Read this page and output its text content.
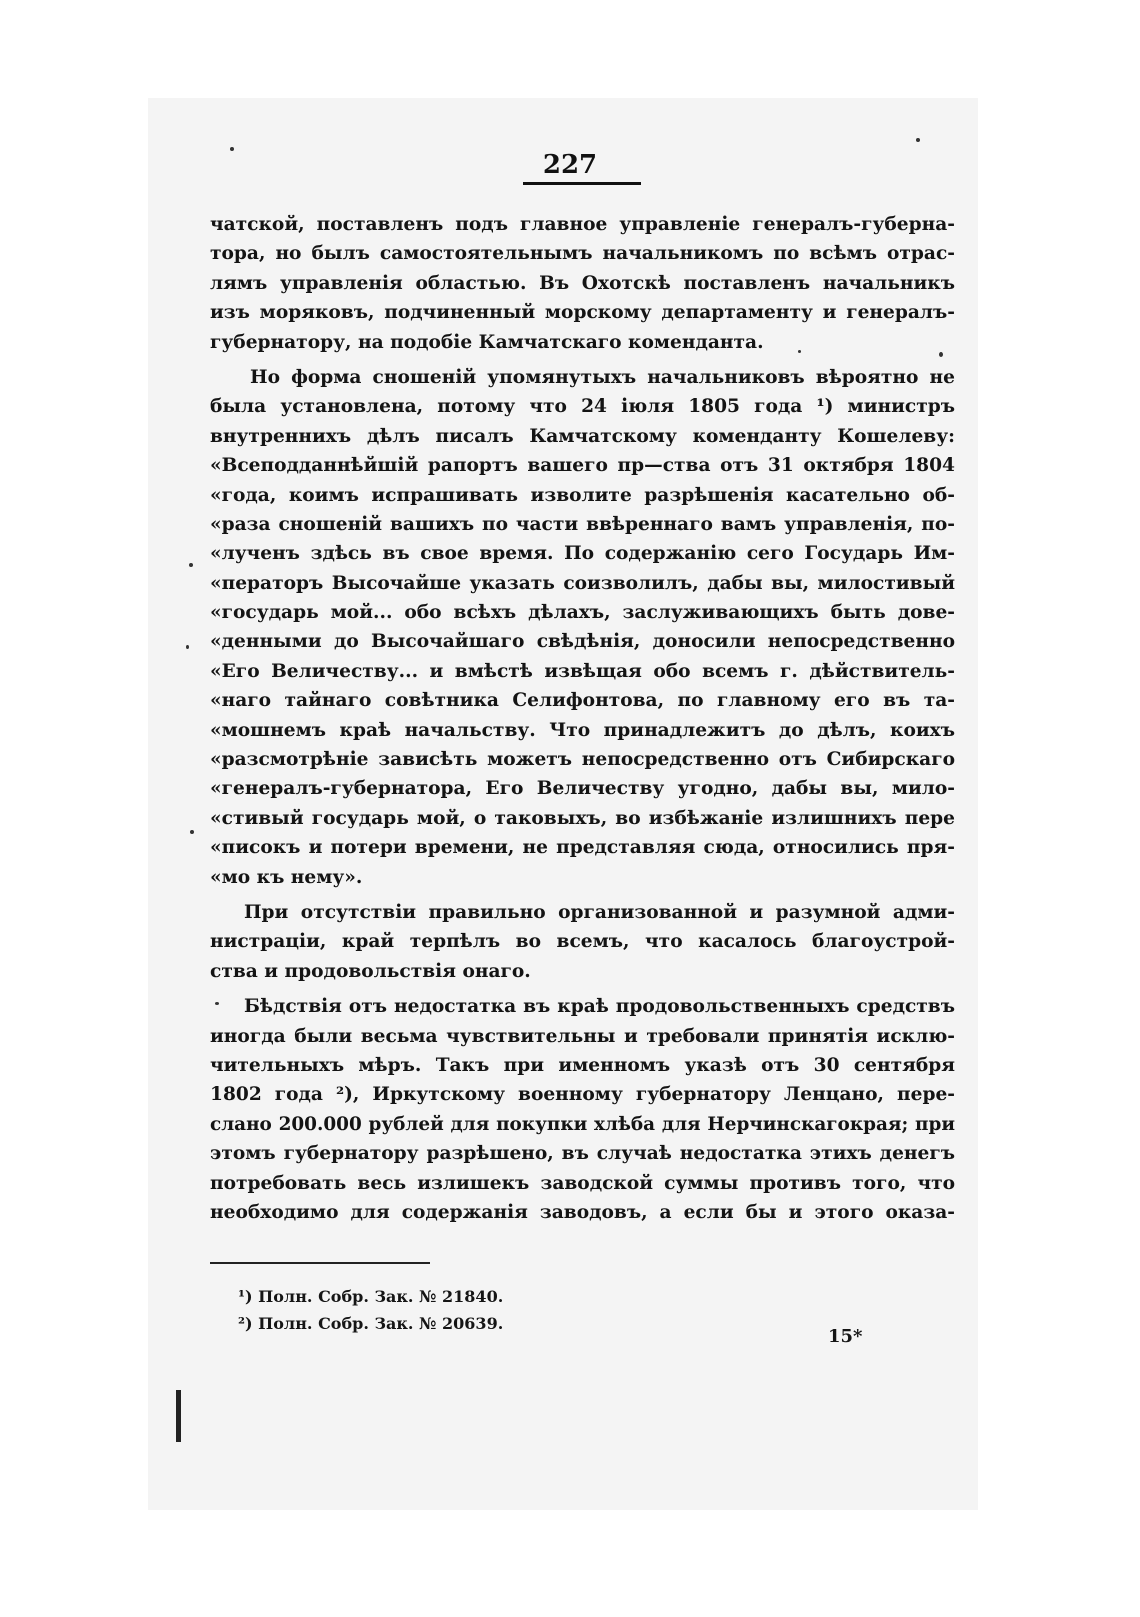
227
чатской, поставленъ подъ главное управленіе генералъ-губерна-
тора, но былъ самостоятельнымъ начальникомъ по всѣмъ отрас-
лямъ управленія областью. Въ Охотскѣ поставленъ начальникъ
изъ моряковъ, подчиненный морскому департаменту и генералъ-
губернатору, на подобіе Камчатскаго коменданта.
Но форма сношеній упомянутыхъ начальниковъ вѣроятно не
была установлена, потому что 24 іюля 1805 года ¹) министръ
внутреннихъ дѣлъ писалъ Камчатскому коменданту Кошелеву:
«Всеподданнѣйшій рапортъ вашего пр—ства отъ 31 октября 1804
«года, коимъ испрашивать изволите разрѣшенія касательно об-
«раза сношеній вашихъ по части ввѣреннаго вамъ управленія, по-
«лученъ здѣсь въ свое время. По содержанію сего Государь Им-
«ператоръ Высочайше указать соизволилъ, дабы вы, милостивый
«государь мой... обо всѣхъ дѣлахъ, заслуживающихъ быть дове-
«денными до Высочайшаго свѣдѣнія, доносили непосредственно
«Его Величеству... и вмѣстѣ извѣщая обо всемъ г. дѣйствитель-
«наго тайнаго совѣтника Селифонтова, по главному его въ та-
«мошнемъ краѣ начальству. Что принадлежитъ до дѣлъ, коихъ
«разсмотрѣніе зависѣть можетъ непосредственно отъ Сибирскаго
«генералъ-губернатора, Его Величеству угодно, дабы вы, мило-
«стивый государь мой, о таковыхъ, во избѣжаніе излишнихъ пере
«писокъ и потери времени, не представляя сюда, относились пря-
«мо къ нему».
При отсутствіи правильно организованной и разумной адми-
нистраціи, край терпѣлъ во всемъ, что касалось благоустрой-
ства и продовольствія онаго.
Бѣдствія отъ недостатка въ краѣ продовольственныхъ средствъ
иногда были весьма чувствительны и требовали принятія исклю-
чительныхъ мѣръ. Такъ при именномъ указѣ отъ 30 сентября
1802 года ²), Иркутскому военному губернатору Ленцано, пере-
слано 200.000 рублей для покупки хлѣба для Нерчинскагокрая; при
этомъ губернатору разрѣшено, въ случаѣ недостатка этихъ денегъ
потребовать весь излишекъ заводской суммы противъ того, что
необходимо для содержанія заводовъ, а если бы и этого оказа-
¹) Полн. Собр. Зак. № 21840.
²) Полн. Собр. Зак. № 20639.
15*
